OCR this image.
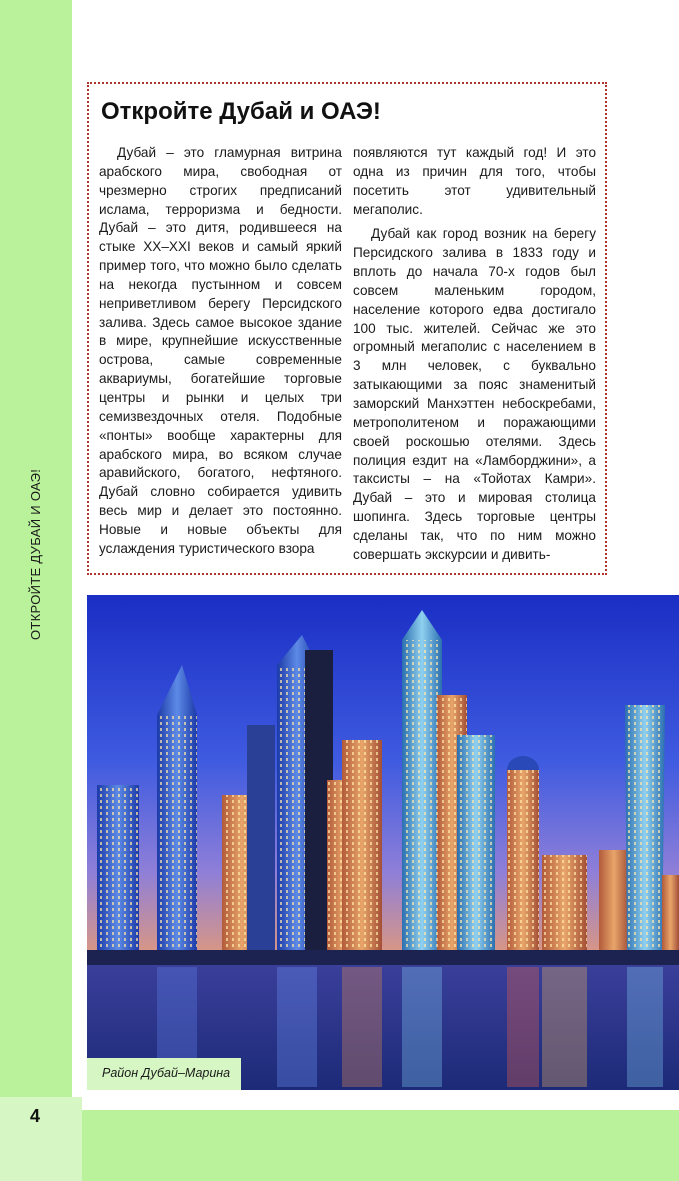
Откройте Дубай и ОАЭ!

Дубай – это гламурная витрина арабского мира, свободная от чрезмерно строгих предписаний ислама, терроризма и бедности. Дубай – это дитя, родившееся на стыке XX–XXI веков и самый яркий пример того, что можно было сделать на некогда пустынном и совсем неприветливом берегу Персидского залива. Здесь самое высокое здание в мире, крупнейшие искусственные острова, самые современные аквариумы, богатейшие торговые центры и рынки и целых три семизвездочных отеля. Подобные «понты» вообще характерны для арабского мира, во всяком случае аравийского, богатого, нефтяного. Дубай словно собирается удивить весь мир и делает это постоянно. Новые и новые объекты для услаждения туристического взора

появляются тут каждый год! И это одна из причин для того, чтобы посетить этот удивительный мегаполис.

Дубай как город возник на берегу Персидского залива в 1833 году и вплоть до начала 70-х годов был совсем маленьким городом, население которого едва достигало 100 тыс. жителей. Сейчас же это огромный мегаполис с населением в 3 млн человек, с буквально затыкающими за пояс знаменитый заморский Манхэттен небоскребами, метрополитеном и поражающими своей роскошью отелями. Здесь полиция ездит на «Ламборджини», а таксисты – на «Тойотах Камри». Дубай – это и мировая столица шопинга. Здесь торговые центры сделаны так, что по ним можно совершать экскурсии и дивить-

Район Дубай–Марина
4
